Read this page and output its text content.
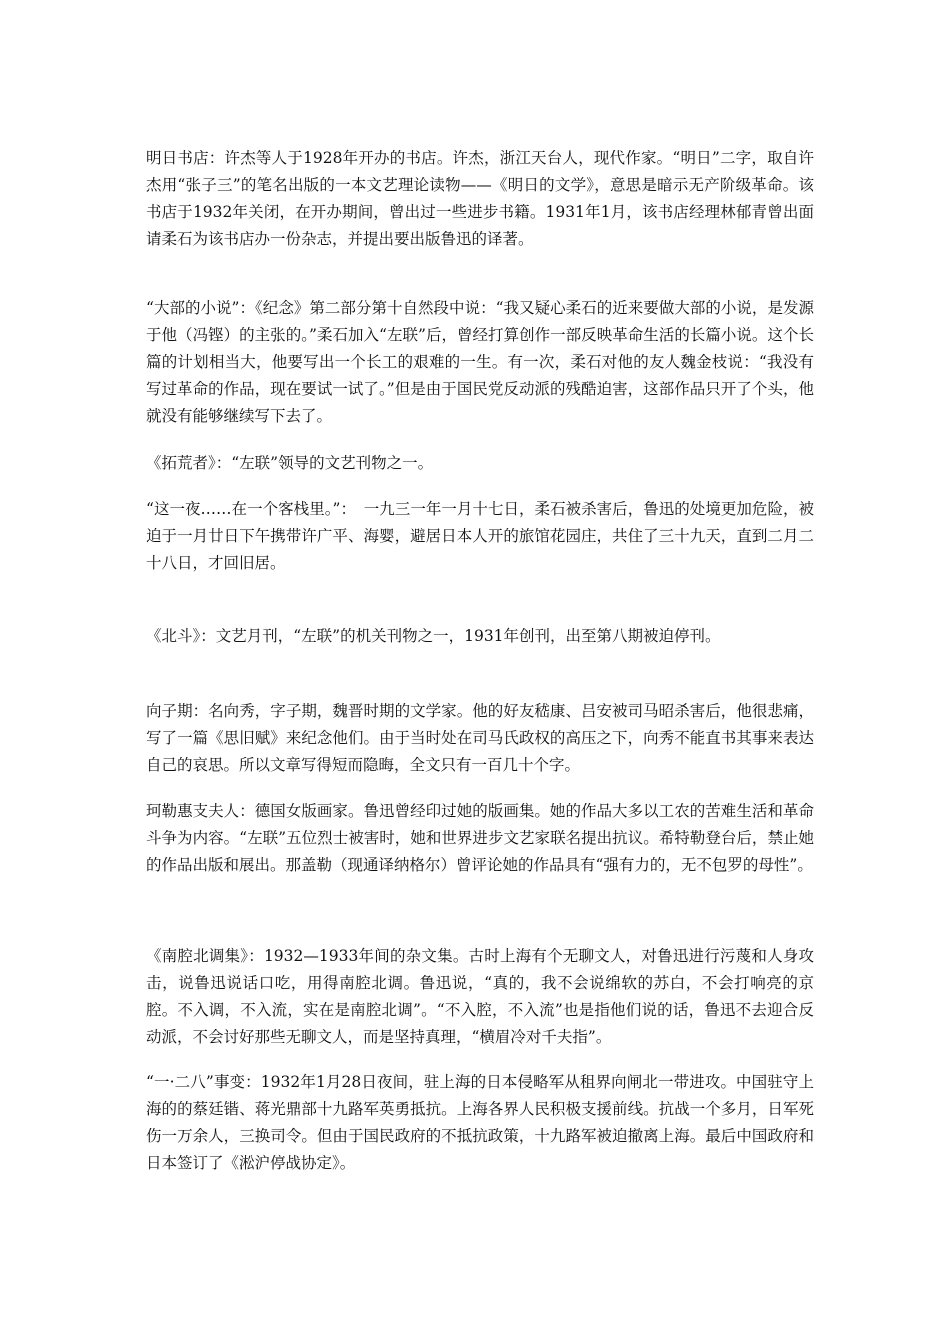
明日书店：许杰等人于1928年开办的书店。许杰，浙江天台人，现代作家。“明日”二字，取自许杰用“张子三”的笔名出版的一本文艺理论读物——《明日的文学》，意思是暗示无产阶级革命。该书店于1932年关闭，在开办期间，曾出过一些进步书籍。1931年1月，该书店经理林郁青曾出面请柔石为该书店办一份杂志，并提出要出版鲁迅的译著。

“大部的小说”：《纪念》第二部分第十自然段中说：“我又疑心柔石的近来要做大部的小说，是发源于他（冯铿）的主张的。”柔石加入“左联”后，曾经打算创作一部反映革命生活的长篇小说。这个长篇的计划相当大，他要写出一个长工的艰难的一生。有一次，柔石对他的友人魏金枝说：“我没有写过革命的作品，现在要试一试了。”但是由于国民党反动派的残酷迫害，这部作品只开了个头，他就没有能够继续写下去了。

《拓荒者》：“左联”领导的文艺刊物之一。

“这一夜……在一个客栈里。”：　一九三一年一月十七日，柔石被杀害后，鲁迅的处境更加危险，被迫于一月廿日下午携带许广平、海婴，避居日本人开的旅馆花园庄，共住了三十九天，直到二月二十八日，才回旧居。

《北斗》：文艺月刊，“左联”的机关刊物之一，1931年创刊，出至第八期被迫停刊。

向子期：名向秀，字子期，魏晋时期的文学家。他的好友嵇康、吕安被司马昭杀害后，他很悲痛，写了一篇《思旧赋》来纪念他们。由于当时处在司马氏政权的高压之下，向秀不能直书其事来表达自己的哀思。所以文章写得短而隐晦，全文只有一百几十个字。

珂勒惠支夫人：德国女版画家。鲁迅曾经印过她的版画集。她的作品大多以工农的苦难生活和革命斗争为内容。“左联”五位烈士被害时，她和世界进步文艺家联名提出抗议。希特勒登台后，禁止她的作品出版和展出。那盖勒（现通译纳格尔）曾评论她的作品具有“强有力的，无不包罗的母性”。

《南腔北调集》：1932—1933年间的杂文集。古时上海有个无聊文人，对鲁迅进行污蔑和人身攻击，说鲁迅说话口吃，用得南腔北调。鲁迅说，“真的，我不会说绵软的苏白，不会打响亮的京腔。不入调，不入流，实在是南腔北调”。“不入腔，不入流”也是指他们说的话，鲁迅不去迎合反动派，不会讨好那些无聊文人，而是坚持真理，“横眉冷对千夫指”。

“一·二八”事变：1932年1月28日夜间，驻上海的日本侵略军从租界向闸北一带进攻。中国驻守上海的的蔡廷锴、蒋光鼎部十九路军英勇抵抗。上海各界人民积极支援前线。抗战一个多月，日军死伤一万余人，三换司令。但由于国民政府的不抵抗政策，十九路军被迫撤离上海。最后中国政府和日本签订了《淞沪停战协定》。
